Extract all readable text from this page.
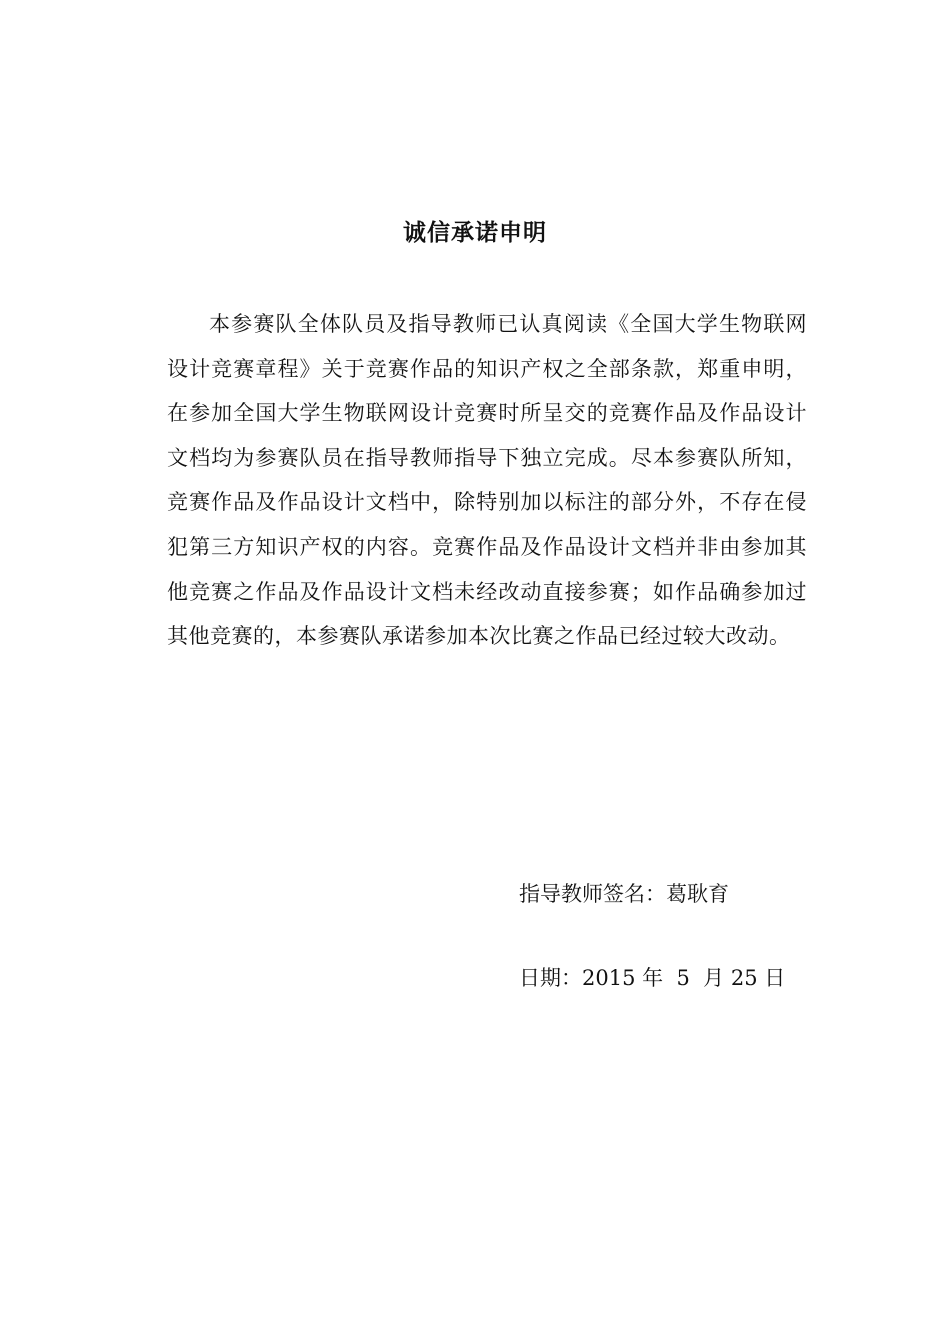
诚信承诺申明
本参赛队全体队员及指导教师已认真阅读《全国大学生物联网设计竞赛章程》关于竞赛作品的知识产权之全部条款，郑重申明，在参加全国大学生物联网设计竞赛时所呈交的竞赛作品及作品设计文档均为参赛队员在指导教师指导下独立完成。尽本参赛队所知，竞赛作品及作品设计文档中，除特别加以标注的部分外，不存在侵犯第三方知识产权的内容。竞赛作品及作品设计文档并非由参加其他竞赛之作品及作品设计文档未经改动直接参赛；如作品确参加过其他竞赛的，本参赛队承诺参加本次比赛之作品已经过较大改动。
指导教师签名：葛耿育
日期：2015 年  5  月 25 日
